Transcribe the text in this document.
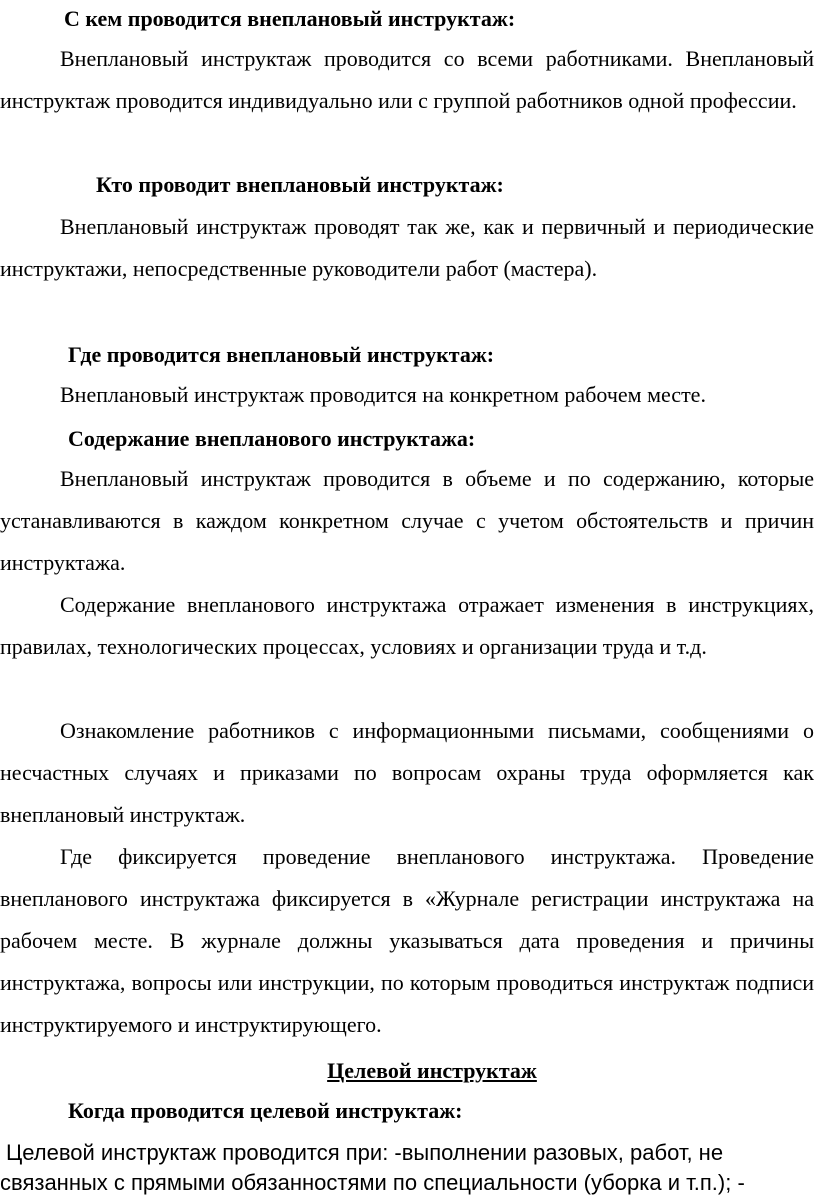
С кем проводится внеплановый инструктаж:
Внеплановый инструктаж проводится со всеми работниками. Внеплановый инструктаж проводится индивидуально или с группой работников одной профессии.
Кто проводит внеплановый инструктаж:
Внеплановый инструктаж проводят так же, как и первичный и периодические инструктажи, непосредственные руководители работ (мастера).
Где проводится внеплановый инструктаж:
Внеплановый инструктаж проводится на конкретном рабочем месте.
Содержание внепланового инструктажа:
Внеплановый инструктаж проводится в объеме и по содержанию, которые устанавливаются в каждом конкретном случае с учетом обстоятельств и причин инструктажа.
Содержание внепланового инструктажа отражает изменения в инструкциях, правилах, технологических процессах, условиях и организации труда и т.д.
Ознакомление работников с информационными письмами, сообщениями о несчастных случаях и приказами по вопросам охраны труда оформляется как внеплановый инструктаж.
Где фиксируется проведение внепланового инструктажа. Проведение внепланового инструктажа фиксируется в «Журнале регистрации инструктажа на рабочем месте. В журнале должны указываться дата проведения и причины инструктажа, вопросы или инструкции, по которым проводиться инструктаж подписи инструктируемого и инструктирующего.
Целевой инструктаж
Когда проводится целевой инструктаж:
Целевой инструктаж проводится при: -выполнении разовых, работ, не связанных с прямыми обязанностями по специальности (уборка и т.п.); -
